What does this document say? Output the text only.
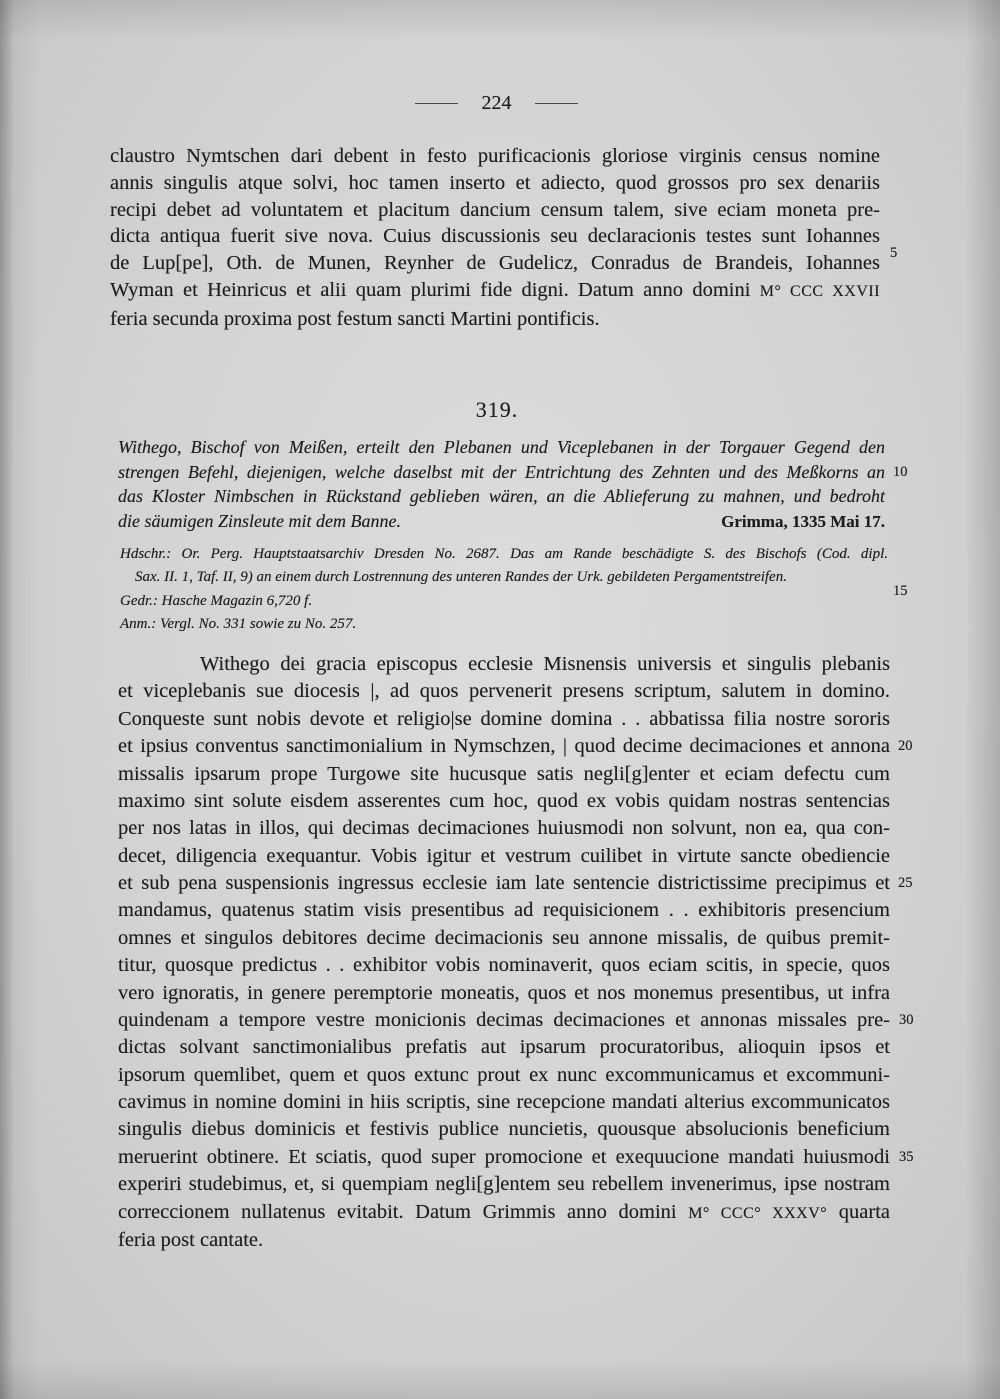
224
claustro Nymtschen dari debent in festo purificacionis gloriose virginis census nomine
annis singulis atque solvi, hoc tamen inserto et adiecto, quod grossos pro sex denariis
recipi debet ad voluntatem et placitum dancium censum talem, sive eciam moneta pre-
dicta antiqua fuerit sive nova. Cuius discussionis seu declaracionis testes sunt Iohannes
de Lup[pe], Oth. de Munen, Reynher de Gudelicz, Conradus de Brandeis, Iohannes
Wyman et Heinricus et alii quam plurimi fide digni. Datum anno domini M° CCC XXVII
feria secunda proxima post festum sancti Martini pontificis.
319.
Withego, Bischof von Meißen, erteilt den Plebanen und Viceplebanen in der Torgauer Gegend den
strengen Befehl, diejenigen, welche daselbst mit der Entrichtung des Zehnten und des Meßkorns an
das Kloster Nimbschen in Rückstand geblieben wären, an die Ablieferung zu mahnen, und bedroht
die säumigen Zinsleute mit dem Banne.	Grimma, 1335 Mai 17.
Hdschr.: Or. Perg. Hauptstaatsarchiv Dresden No. 2687. Das am Rande beschädigte S. des Bischofs (Cod. dipl.
Sax. II. 1, Taf. II, 9) an einem durch Lostrennung des unteren Randes der Urk. gebildeten Pergamentstreifen.
Gedr.: Hasche Magazin 6,720 f.
Anm.: Vergl. No. 331 sowie zu No. 257.
Withego dei gracia episcopus ecclesie Misnensis universis et singulis plebanis
et viceplebanis sue diocesis |, ad quos pervenerit presens scriptum, salutem in domino.
Conqueste sunt nobis devote et religio|se domine domina . . abbatissa filia nostre sororis
et ipsius conventus sanctimonialium in Nymschzen, | quod decime decimaciones et annona
missalis ipsarum prope Turgowe site hucusque satis negli[g]enter et eciam defectu cum
maximo sint solute eisdem asserentes cum hoc, quod ex vobis quidam nostras sentencias
per nos latas in illos, qui decimas decimaciones huiusmodi non solvunt, non ea, qua con-
decet, diligencia exequantur. Vobis igitur et vestrum cuilibet in virtute sancte obediencie
et sub pena suspensionis ingressus ecclesie iam late sentencie districtissime precipimus et
mandamus, quatenus statim visis presentibus ad requisicionem . . exhibitoris presencium
omnes et singulos debitores decime decimacionis seu annone missalis, de quibus premit-
titur, quosque predictus . . exhibitor vobis nominaverit, quos eciam scitis, in specie, quos
vero ignoratis, in genere peremptorie moneatis, quos et nos monemus presentibus, ut infra
quindenam a tempore vestre monicionis decimas decimaciones et annonas missales pre-
dictas solvant sanctimonialibus prefatis aut ipsarum procuratoribus, alioquin ipsos et
ipsorum quemlibet, quem et quos extunc prout ex nunc excommunicamus et excommuni-
cavimus in nomine domini in hiis scriptis, sine recepcione mandati alterius excommunicatos
singulis diebus dominicis et festivis publice nuncietis, quousque absolucionis beneficium
meruerint obtinere. Et sciatis, quod super promocione et exequucione mandati huiusmodi
experiri studebimus, et, si quempiam negli[g]entem seu rebellem invenerimus, ipse nostram
correccionem nullatenus evitabit. Datum Grimmis anno domini M° CCC° XXXV° quarta
feria post cantate.
5
10
15
20
25
30
35
